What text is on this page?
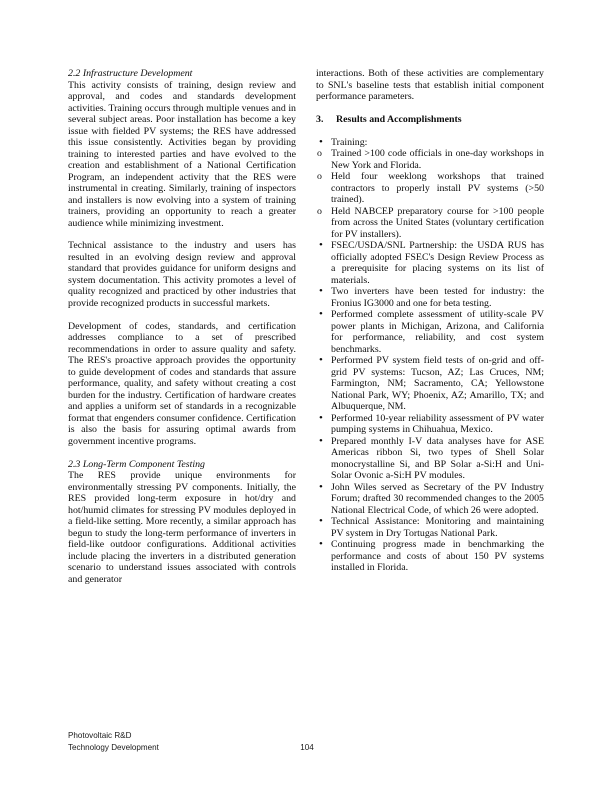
2.2 Infrastructure Development

This activity consists of training, design review and approval, and codes and standards development activities. Training occurs through multiple venues and in several subject areas. Poor installation has become a key issue with fielded PV systems; the RES have addressed this issue consistently. Activities began by providing training to interested parties and have evolved to the creation and establishment of a National Certification Program, an independent activity that the RES were instrumental in creating. Similarly, training of inspectors and installers is now evolving into a system of training trainers, providing an opportunity to reach a greater audience while minimizing investment.

Technical assistance to the industry and users has resulted in an evolving design review and approval standard that provides guidance for uniform designs and system documentation. This activity promotes a level of quality recognized and practiced by other industries that provide recognized products in successful markets.

Development of codes, standards, and certification addresses compliance to a set of prescribed recommendations in order to assure quality and safety. The RES's proactive approach provides the opportunity to guide development of codes and standards that assure performance, quality, and safety without creating a cost burden for the industry. Certification of hardware creates and applies a uniform set of standards in a recognizable format that engenders consumer confidence. Certification is also the basis for assuring optimal awards from government incentive programs.

2.3 Long-Term Component Testing

The RES provide unique environments for environmentally stressing PV components. Initially, the RES provided long-term exposure in hot/dry and hot/humid climates for stressing PV modules deployed in a field-like setting. More recently, a similar approach has begun to study the long-term performance of inverters in field-like outdoor configurations. Additional activities include placing the inverters in a distributed generation scenario to understand issues associated with controls and generator

interactions. Both of these activities are complementary to SNL's baseline tests that establish initial component performance parameters.

3. Results and Accomplishments
• Training:
o Trained >100 code officials in one-day workshops in New York and Florida.
o Held four weeklong workshops that trained contractors to properly install PV systems (>50 trained).
o Held NABCEP preparatory course for >100 people from across the United States (voluntary certification for PV installers).
• FSEC/USDA/SNL Partnership: the USDA RUS has officially adopted FSEC's Design Review Process as a prerequisite for placing systems on its list of materials.
• Two inverters have been tested for industry: the Fronius IG3000 and one for beta testing.
• Performed complete assessment of utility-scale PV power plants in Michigan, Arizona, and California for performance, reliability, and cost system benchmarks.
• Performed PV system field tests of on-grid and off-grid PV systems: Tucson, AZ; Las Cruces, NM; Farmington, NM; Sacramento, CA; Yellowstone National Park, WY; Phoenix, AZ; Amarillo, TX; and Albuquerque, NM.
• Performed 10-year reliability assessment of PV water pumping systems in Chihuahua, Mexico.
• Prepared monthly I-V data analyses have for ASE Americas ribbon Si, two types of Shell Solar monocrystalline Si, and BP Solar a-Si:H and Uni-Solar Ovonic a-Si:H PV modules.
• John Wiles served as Secretary of the PV Industry Forum; drafted 30 recommended changes to the 2005 National Electrical Code, of which 26 were adopted.
• Technical Assistance: Monitoring and maintaining PV system in Dry Tortugas National Park.
• Continuing progress made in benchmarking the performance and costs of about 150 PV systems installed in Florida.
Photovoltaic R&D
Technology Development	104
